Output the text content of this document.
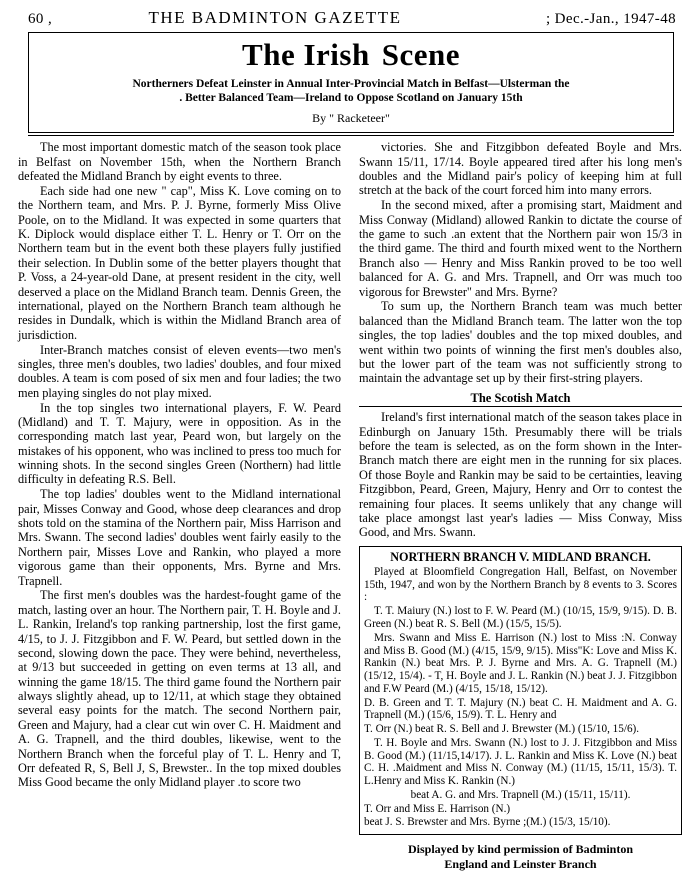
60 ,	THE BADMINTON GAZETTE	; Dec.-Jan., 1947-48
The Irish Scene
Northerners Defeat Leinster in Annual Inter-Provincial Match in Belfast—Ulsterman the
. Better Balanced Team—Ireland to Oppose Scotland on January 15th
By " Racketeer"

The most important domestic match of the season took place in Belfast on November 15th, when the Northern Branch defeated the Midland Branch by eight events to three.

Each side had one new " cap", Miss K. Love coming on to the Northern team, and Mrs. P. J. Byrne, formerly Miss Olive Poole, on to the Midland. It was expected in some quarters that K. Diplock would displace either T. L. Henry or T. Orr on the Northern team but in the event both these players fully justified their selection. In Dublin some of the better players thought that P. Voss, a 24-year-old Dane, at present resident in the city, well deserved a place on the Midland Branch team. Dennis Green, the international, played on the Northern Branch team although he resides in Dundalk, which is within the Midland Branch area of jurisdiction.

Inter-Branch matches consist of eleven events—two men's singles, three men's doubles, two ladies' doubles, and four mixed doubles. A team is com posed of six men and four ladies; the two men playing singles do not play mixed.

In the top singles two international players, F. W. Peard (Midland) and T. T. Majury, were in opposition. As in the corresponding match last year, Peard won, but largely on the mistakes of his opponent, who was inclined to press too much for winning shots. In the second singles Green (Northern) had little difficulty in defeating R.S. Bell.

The top ladies' doubles went to the Midland international pair, Misses Conway and Good, whose deep clearances and drop shots told on the stamina of the Northern pair, Miss Harrison and Mrs. Swann. The second ladies' doubles went fairly easily to the Northern pair, Misses Love and Rankin, who played a more vigorous game than their opponents, Mrs. Byrne and Mrs. Trapnell.

The first men's doubles was the hardest-fought game of the match, lasting over an hour. The Northern pair, T. H. Boyle and J. L. Rankin, Ireland's top ranking partnership, lost the first game, 4/15, to J. J. Fitzgibbon and F. W. Peard, but settled down in the second, slowing down the pace. They were behind, nevertheless, at 9/13 but succeeded in getting on even terms at 13 all, and winning the game 18/15. The third game found the Northern pair always slightly ahead, up to 12/11, at which stage they obtained several easy points for the match. The second Northern pair, Green and Majury, had a clear cut win over C. H. Maidment and A. G. Trapnell, and the third doubles, likewise, went to the Northern Branch when the forceful play of T. L. Henry and T, Orr defeated R, S, Bell J, S, Brewster.. In the top mixed doubles Miss Good became the only Midland player .to score two

victories. She and Fitzgibbon defeated Boyle and Mrs. Swann 15/11, 17/14. Boyle appeared tired after his long men's doubles and the Midland pair's policy of keeping him at full stretch at the back of the court forced him into many errors.

In the second mixed, after a promising start, Maidment and Miss Conway (Midland) allowed Rankin to dictate the course of the game to such .an extent that the Northern pair won 15/3 in the third game. The third and fourth mixed went to the Northern Branch also — Henry and Miss Rankin proved to be too well balanced for A. G. and Mrs. Trapnell, and Orr was much too vigorous for Brewster" and Mrs. Byrne?

To sum up, the Northern Branch team was much better balanced than the Midland Branch team. The latter won the top singles, the top ladies' doubles and the top mixed doubles, and went within two points of winning the first men's doubles also, but the lower part of the team was not sufficiently strong to maintain the advantage set up by their first-string players.

The Scotish Match

Ireland's first international match of the season takes place in Edinburgh on January 15th. Presumably there will be trials before the team is selected, as on the form shown in the Inter-Branch match there are eight men in the running for six places. Of those Boyle and Rankin may be said to be certainties, leaving Fitzgibbon, Peard, Green, Majury, Henry and Orr to contest the remaining four places. It seems unlikely that any change will take place amongst last year's ladies — Miss Conway, Miss Good, and Mrs. Swann.

NORTHERN BRANCH V. MIDLAND BRANCH.

Played at Bloomfield Congregation Hall, Belfast, on November 15th, 1947, and won by the Northern Branch by 8 events to 3. Scores :

T. T. Maiury (N.) lost to F. W. Peard (M.) (10/15, 15/9, 9/15). D. B. Green (N.) beat R. S. Bell (M.) (15/5, 15/5).

Mrs. Swann and Miss E. Harrison (N.) lost to Miss :N. Conway and Miss B. Good (M.) (4/15, 15/9, 9/15). Miss"K: Love and Miss K. Rankin (N.) beat Mrs. P. J. Byrne and Mrs. A. G. Trapnell (M.) (15/12, 15/4). - T, H. Boyle and J. L. Rankin (N.) beat J. J. Fitzgibbon and F.W Peard (M.) (4/15, 15/18, 15/12).

D. B. Green and T. T. Majury (N.) beat C. H. Maidment and A. G. Trapnell (M.) (15/6, 15/9). T. L. Henry and

T. Orr (N.) beat R. S. Bell and J. Brewster (M.) (15/10, 15/6).

T. H. Boyle and Mrs. Swann (N.) lost to J. J. Fitzgibbon and Miss B. Good (M.) (11/15,14/17). J. L. Rankin and Miss K. Love (N.) beat C. H. .Maidment and Miss N. Conway (M.) (11/15, 15/11, 15/3). T. L.Henry and Miss K. Rankin (N.)

beat A. G. and Mrs. Trapnell (M.) (15/11, 15/11).

T. Orr and Miss E. Harrison (N.)

beat J. S. Brewster and Mrs. Byrne ;(M.) (15/3, 15/10).

Displayed by kind permission of Badminton
England and Leinster Branch
